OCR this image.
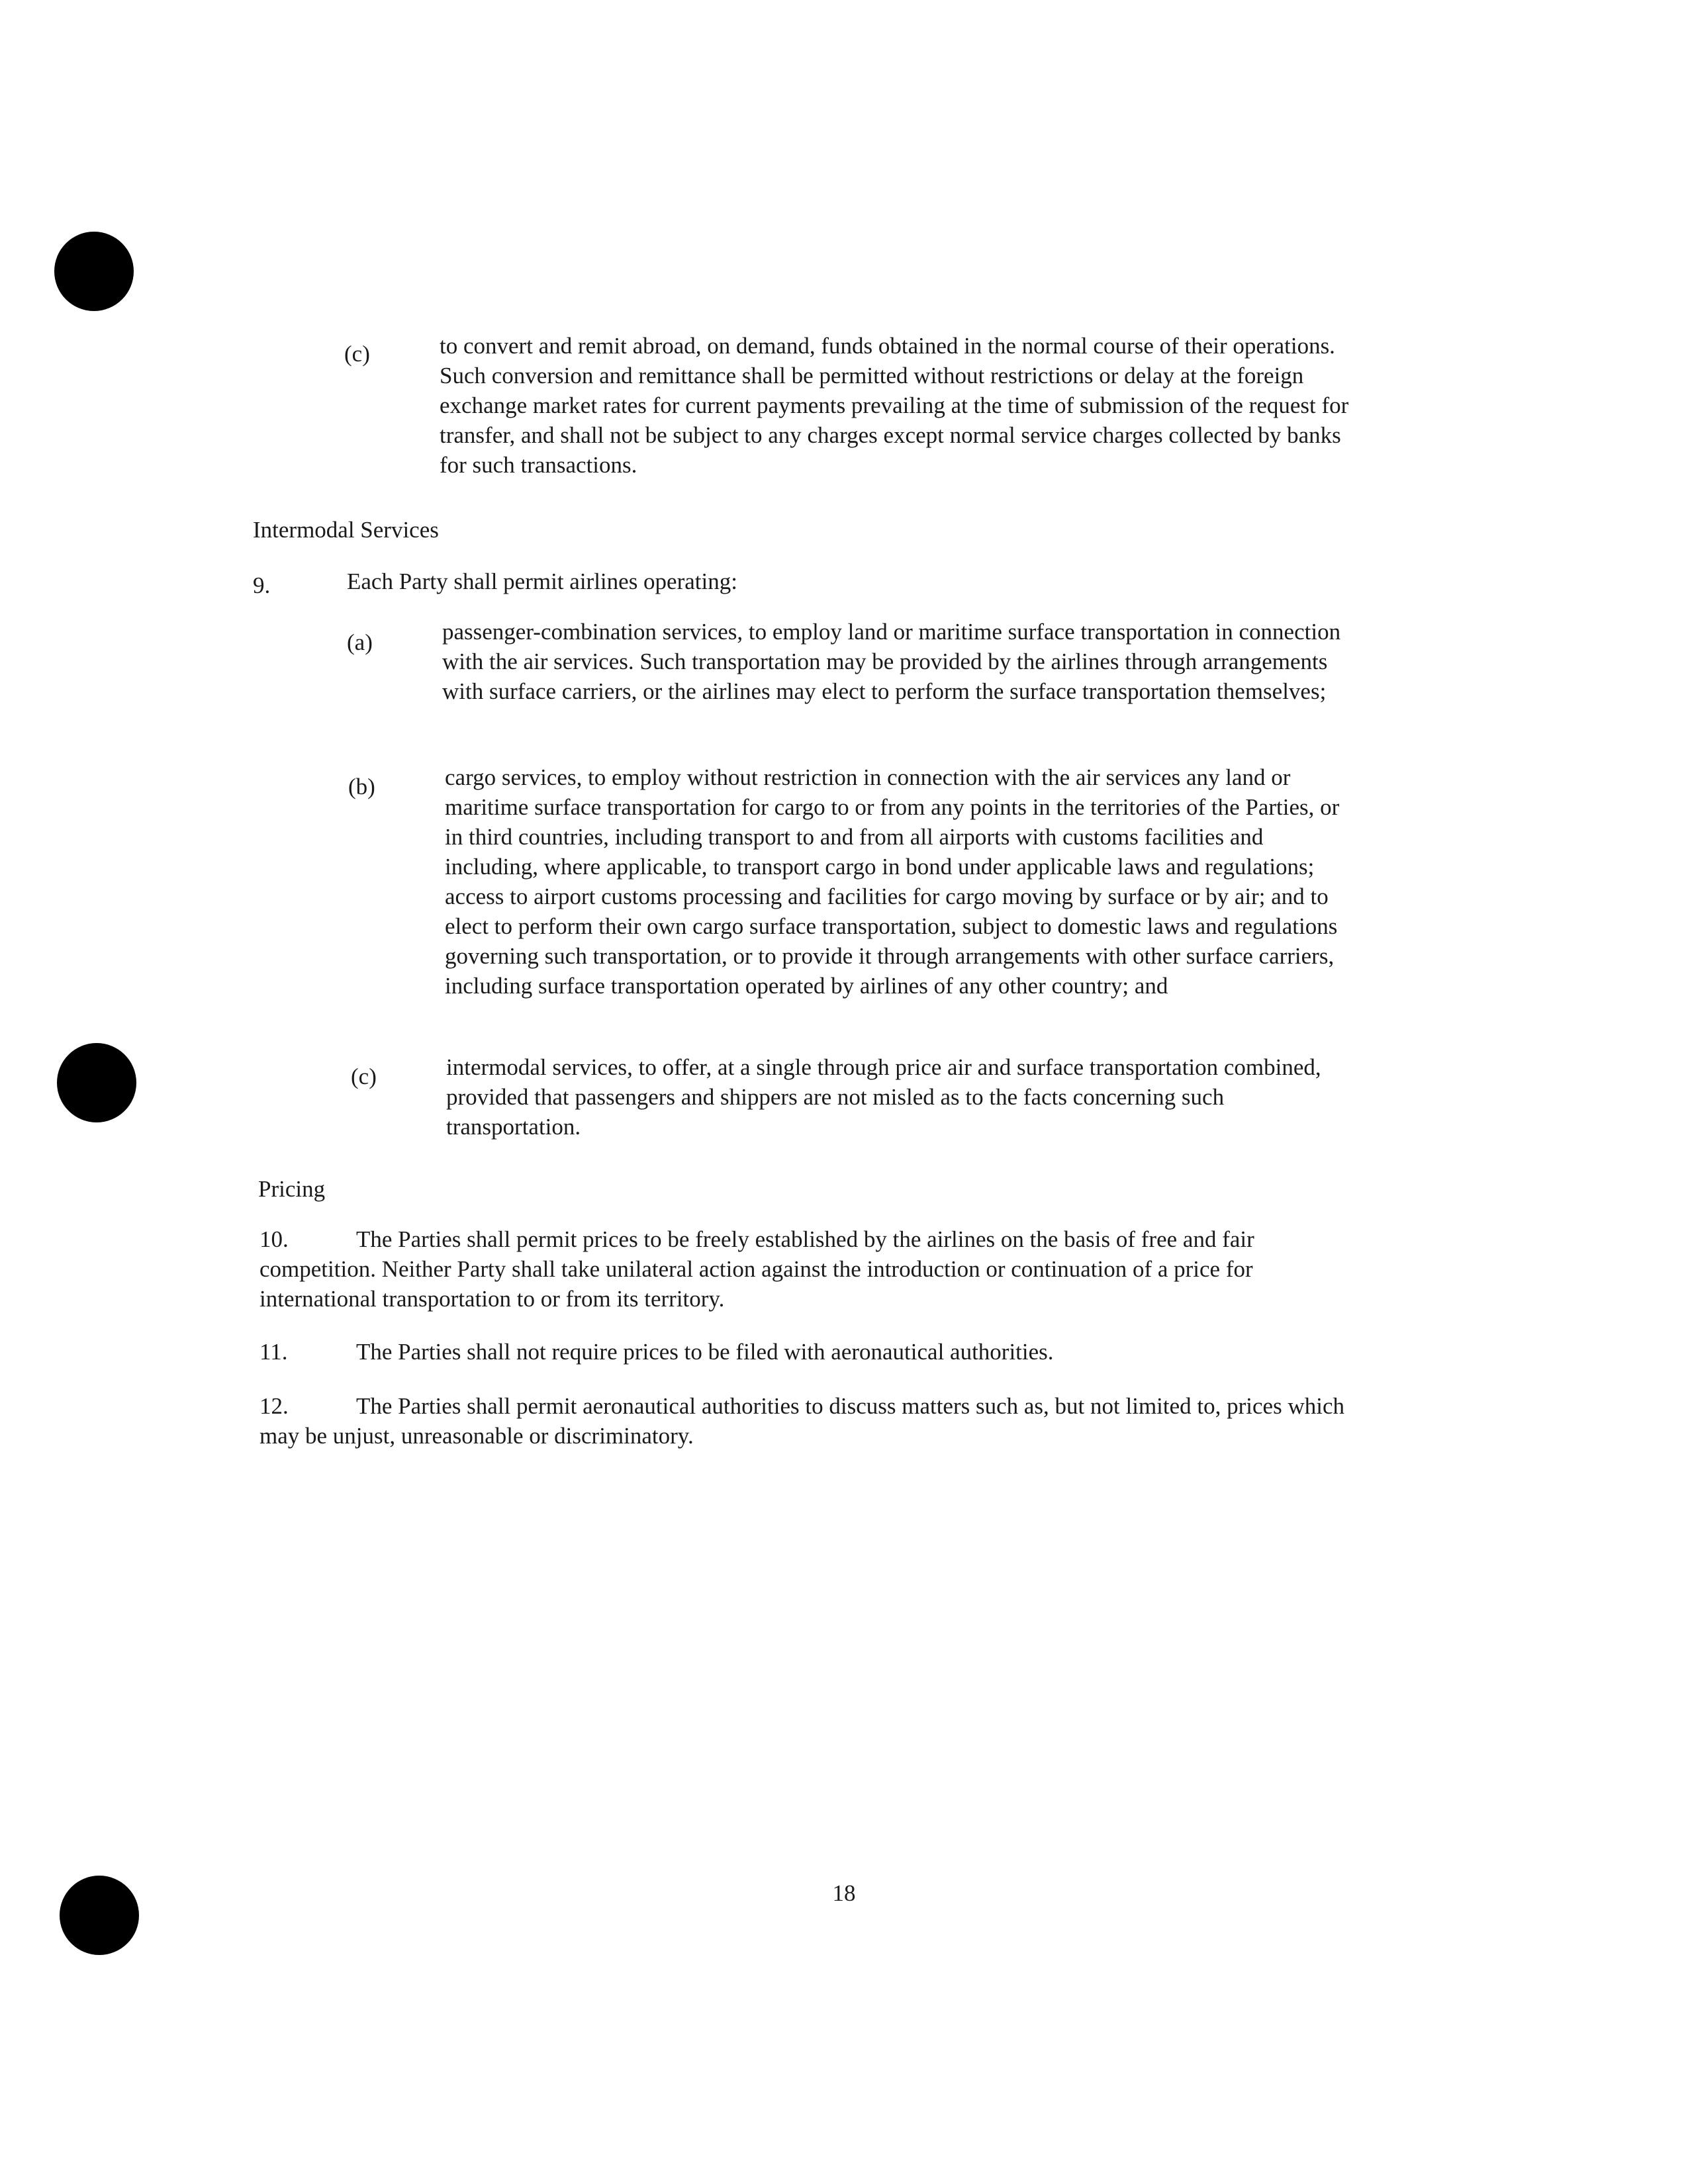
(c)	to convert and remit abroad, on demand, funds obtained in the normal course of their operations. Such conversion and remittance shall be permitted without restrictions or delay at the foreign exchange market rates for current payments prevailing at the time of submission of the request for transfer, and shall not be subject to any charges except normal service charges collected by banks for such transactions.

Intermodal Services
9.	Each Party shall permit airlines operating:
(a)	passenger-combination services, to employ land or maritime surface transportation in connection with the air services. Such transportation may be provided by the airlines through arrangements with surface carriers, or the airlines may elect to perform the surface transportation themselves;

(b)	cargo services, to employ without restriction in connection with the air services any land or maritime surface transportation for cargo to or from any points in the territories of the Parties, or in third countries, including transport to and from all airports with customs facilities and including, where applicable, to transport cargo in bond under applicable laws and regulations; access to airport customs processing and facilities for cargo moving by surface or by air; and to elect to perform their own cargo surface transportation, subject to domestic laws and regulations governing such transportation, or to provide it through arrangements with other surface carriers, including surface transportation operated by airlines of any other country; and

(c)	intermodal services, to offer, at a single through price air and surface transportation combined, provided that passengers and shippers are not misled as to the facts concerning such transportation.

Pricing

10.	The Parties shall permit prices to be freely established by the airlines on the basis of free and fair competition. Neither Party shall take unilateral action against the introduction or continuation of a price for international transportation to or from its territory.

11.	The Parties shall not require prices to be filed with aeronautical authorities.

12.	The Parties shall permit aeronautical authorities to discuss matters such as, but not limited to, prices which may be unjust, unreasonable or discriminatory.

18
